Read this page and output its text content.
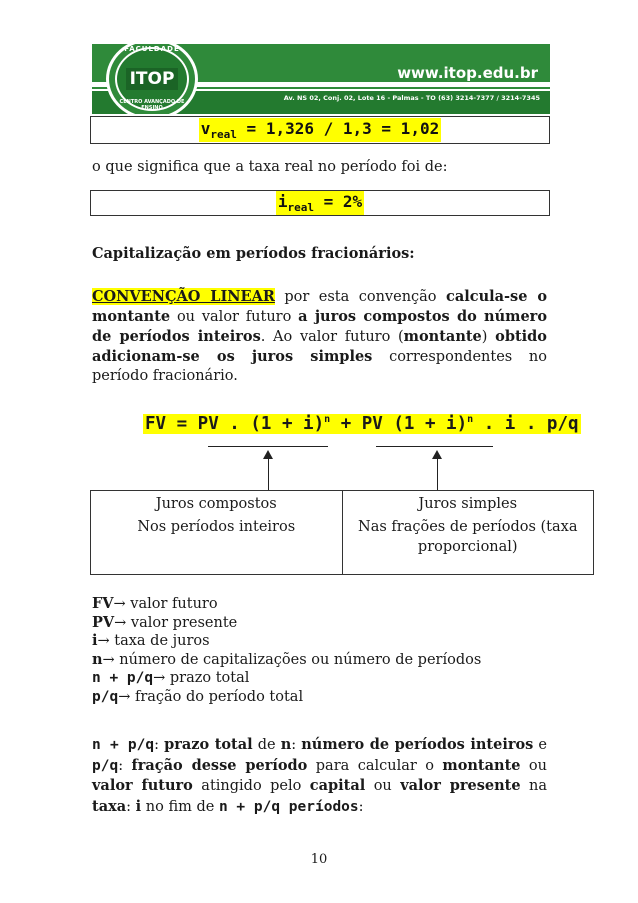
FACULDADE
ITOP
CENTRO AVANÇADO DE ENSINO
www.itop.edu.br
Av. NS 02, Conj. 02, Lote 16 - Palmas - TO (63) 3214-7377 / 3214-7345
$v_{real} = 1,326 / 1,3 = 1,02$

o que significa que a taxa real no período foi de:

$i_{real} = 2\%$

Capitalização em períodos fracionários:

CONVENÇÃO LINEAR por esta convenção calcula-se o montante ou valor futuro a juros compostos do número de períodos inteiros. Ao valor futuro (montante) obtido adicionam-se os juros simples correspondentes no período fracionário.

FV = PV . $(1 + i)^n$ + PV $(1 + i)^n$ . i . p/q
Juros compostos
Nos períodos inteiros
Juros simples
Nas frações de períodos (taxa proporcional)
FV→ valor futuro
PV→ valor presente
i→ taxa de juros
n→ número de capitalizações ou número de períodos
n + p/q→ prazo total
p/q→ fração do período total

n + p/q: prazo total de n: número de períodos inteiros e p/q: fração desse período para calcular o montante ou valor futuro atingido pelo capital ou valor presente na taxa: i no fim de n + p/q períodos:

10
